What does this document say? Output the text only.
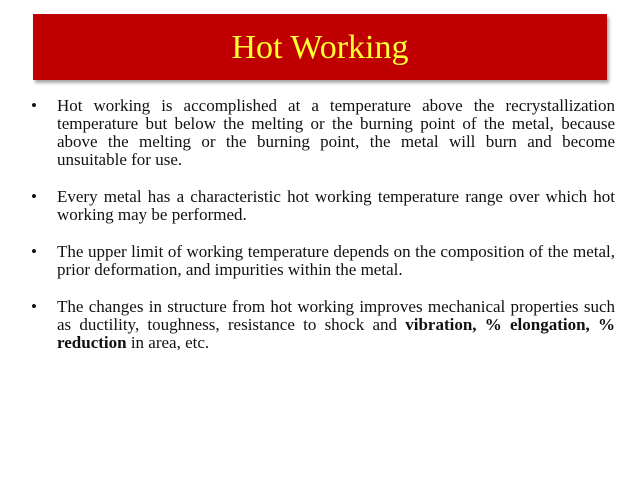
Hot Working
• Hot working is accomplished at a temperature above the recrystallization temperature but below the melting or the burning point of the metal, because above the melting or the burning point, the metal will burn and become unsuitable for use.
• Every metal has a characteristic hot working temperature range over which hot working may be performed.
• The upper limit of working temperature depends on the composition of the metal, prior deformation, and impurities within the metal.
• The changes in structure from hot working improves mechanical properties such as ductility, toughness, resistance to shock and vibration, % elongation, % reduction in area, etc.
